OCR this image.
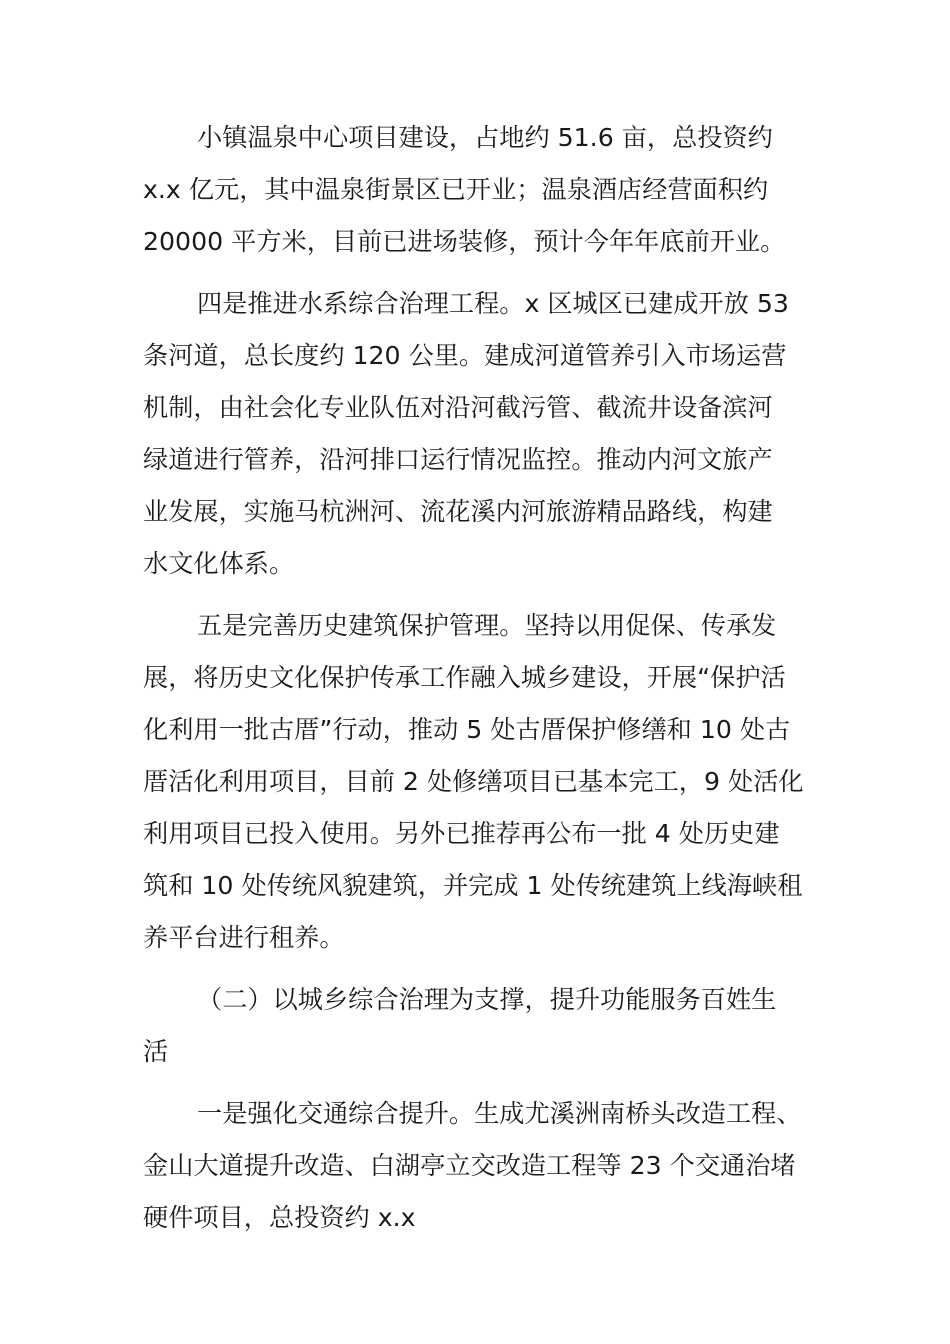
小镇温泉中心项目建设，占地约 51.6 亩，总投资约
x.x 亿元，其中温泉街景区已开业；温泉酒店经营面积约
20000 平方米，目前已进场装修，预计今年年底前开业。

四是推进水系综合治理工程。x 区城区已建成开放 53
条河道，总长度约 120 公里。建成河道管养引入市场运营
机制，由社会化专业队伍对沿河截污管、截流井设备滨河
绿道进行管养，沿河排口运行情况监控。推动内河文旅产
业发展，实施马杭洲河、流花溪内河旅游精品路线，构建
水文化体系。

五是完善历史建筑保护管理。坚持以用促保、传承发
展，将历史文化保护传承工作融入城乡建设，开展“保护活
化利用一批古厝”行动，推动 5 处古厝保护修缮和 10 处古
厝活化利用项目，目前 2 处修缮项目已基本完工，9 处活化
利用项目已投入使用。另外已推荐再公布一批 4 处历史建
筑和 10 处传统风貌建筑，并完成 1 处传统建筑上线海峡租
养平台进行租养。

（二）以城乡综合治理为支撑，提升功能服务百姓生
活

一是强化交通综合提升。生成尤溪洲南桥头改造工程、
金山大道提升改造、白湖亭立交改造工程等 23 个交通治堵
硬件项目，总投资约 x.x
